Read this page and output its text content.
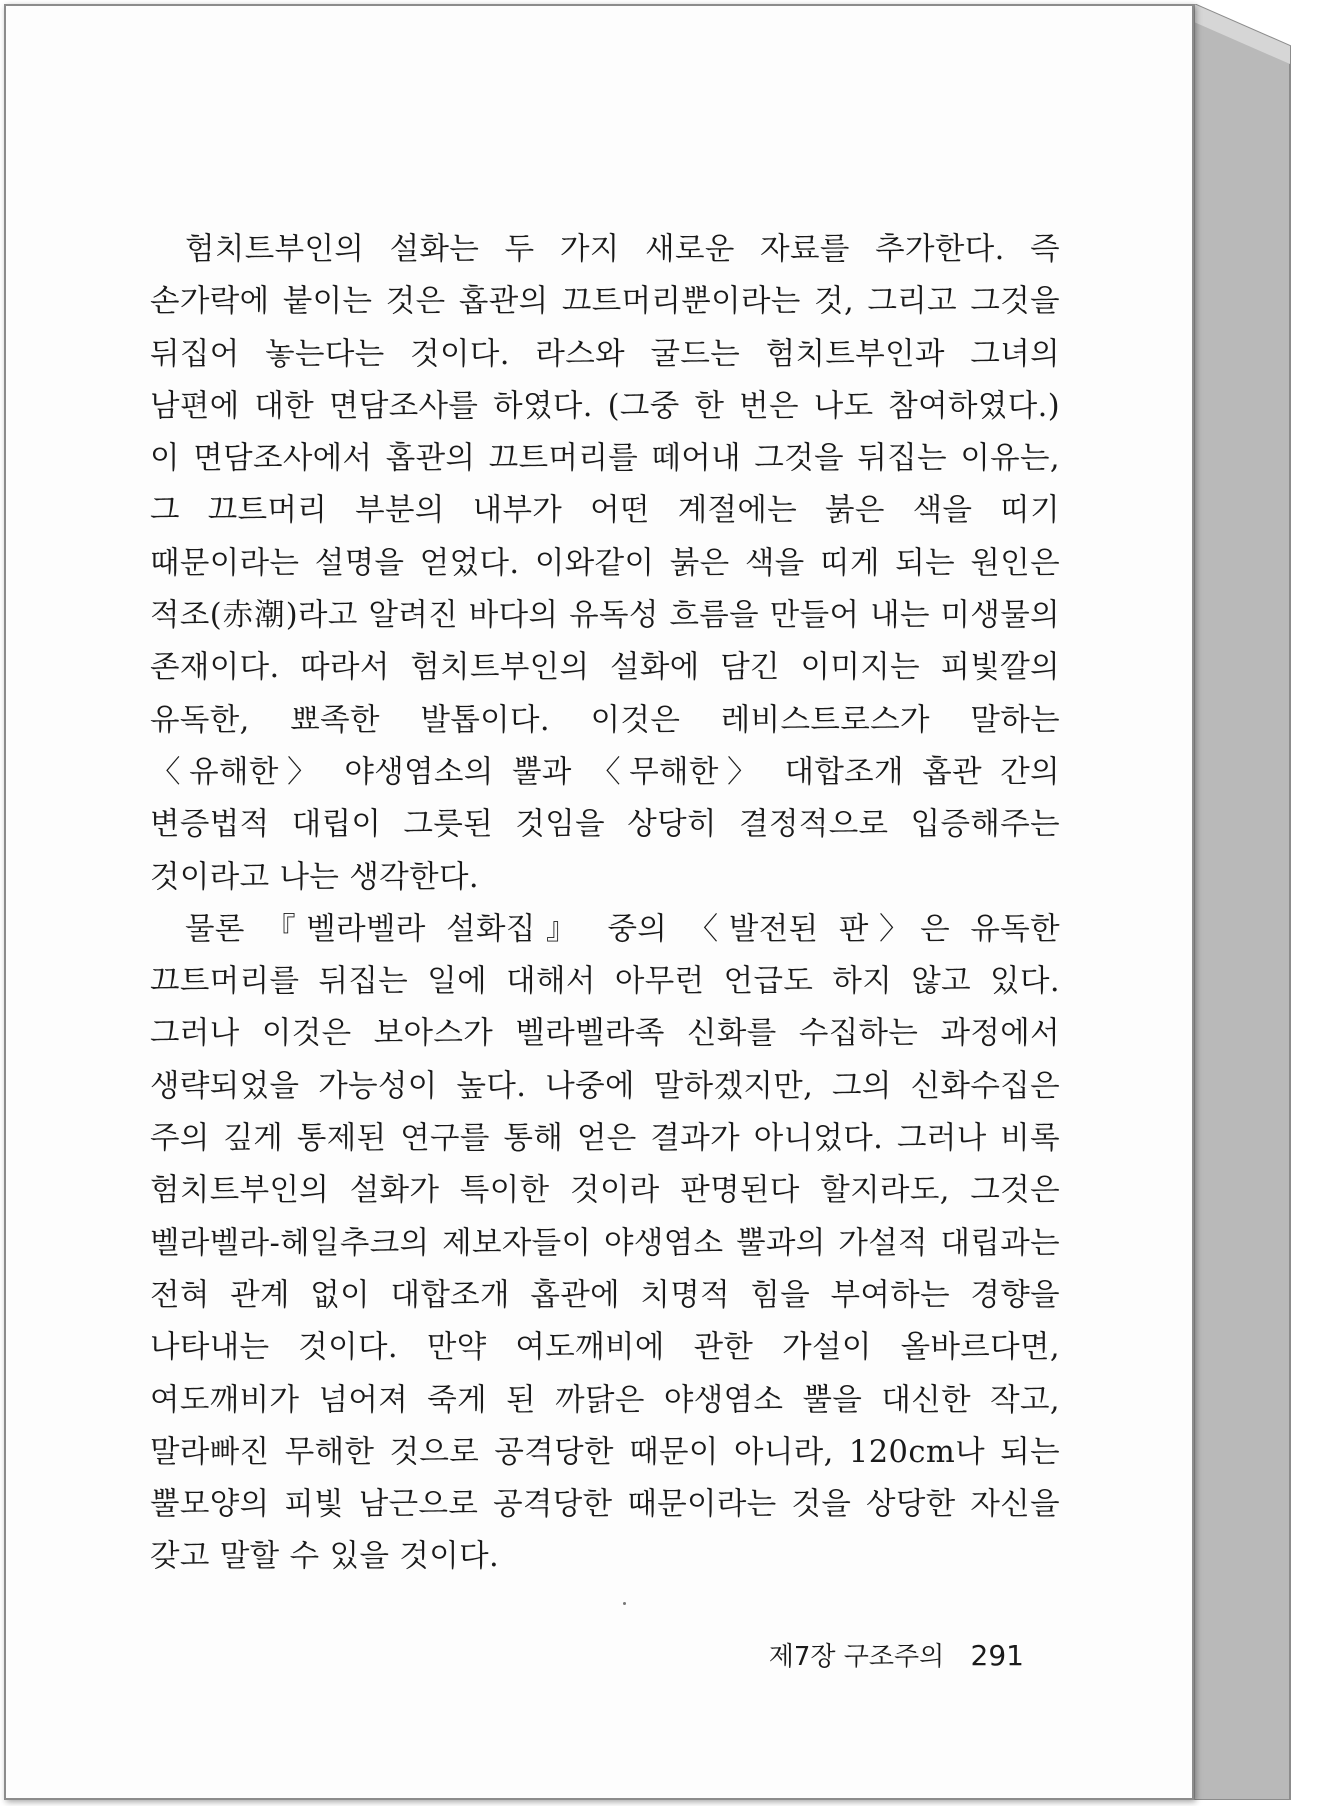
험치트부인의 설화는 두 가지 새로운 자료를 추가한다. 즉 손가락에 붙이는 것은 홉관의 끄트머리뿐이라는 것, 그리고 그것을 뒤집어 놓는다는 것이다. 라스와 굴드는 험치트부인과 그녀의 남편에 대한 면담조사를 하였다. (그중 한 번은 나도 참여하였다.) 이 면담조사에서 홉관의 끄트머리를 떼어내 그것을 뒤집는 이유는, 그 끄트머리 부분의 내부가 어떤 계절에는 붉은 색을 띠기 때문이라는 설명을 얻었다. 이와같이 붉은 색을 띠게 되는 원인은 적조(赤潮)라고 알려진 바다의 유독성 흐름을 만들어 내는 미생물의 존재이다. 따라서 험치트부인의 설화에 담긴 이미지는 피빛깔의 유독한, 뾰족한 발톱이다. 이것은 레비스트로스가 말하는 〈유해한〉 야생염소의 뿔과 〈무해한〉 대합조개 홉관 간의 변증법적 대립이 그릇된 것임을 상당히 결정적으로 입증해주는 것이라고 나는 생각한다.

물론 『벨라벨라 설화집』 중의 〈발전된 판〉은 유독한 끄트머리를 뒤집는 일에 대해서 아무런 언급도 하지 않고 있다. 그러나 이것은 보아스가 벨라벨라족 신화를 수집하는 과정에서 생략되었을 가능성이 높다. 나중에 말하겠지만, 그의 신화수집은 주의 깊게 통제된 연구를 통해 얻은 결과가 아니었다. 그러나 비록 험치트부인의 설화가 특이한 것이라 판명된다 할지라도, 그것은 벨라벨라-헤일추크의 제보자들이 야생염소 뿔과의 가설적 대립과는 전혀 관계 없이 대합조개 홉관에 치명적 힘을 부여하는 경향을 나타내는 것이다. 만약 여도깨비에 관한 가설이 올바르다면, 여도깨비가 넘어져 죽게 된 까닭은 야생염소 뿔을 대신한 작고, 말라빠진 무해한 것으로 공격당한 때문이 아니라, 120cm나 되는 뿔모양의 피빛 남근으로 공격당한 때문이라는 것을 상당한 자신을 갖고 말할 수 있을 것이다.

제7장 구조주의 291
